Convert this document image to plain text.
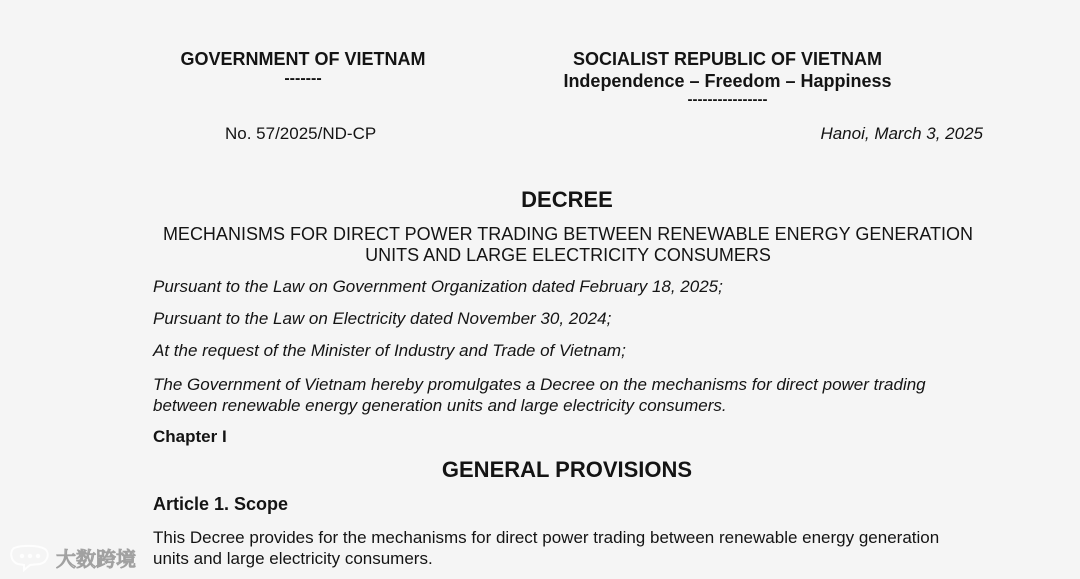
GOVERNMENT OF VIETNAM
-------
SOCIALIST REPUBLIC OF VIETNAM
Independence – Freedom – Happiness
----------------
No. 57/2025/ND-CP	Hanoi, March 3, 2025
DECREE
MECHANISMS FOR DIRECT POWER TRADING BETWEEN RENEWABLE ENERGY GENERATION UNITS AND LARGE ELECTRICITY CONSUMERS
Pursuant to the Law on Government Organization dated February 18, 2025;
Pursuant to the Law on Electricity dated November 30, 2024;
At the request of the Minister of Industry and Trade of Vietnam;
The Government of Vietnam hereby promulgates a Decree on the mechanisms for direct power trading between renewable energy generation units and large electricity consumers.
Chapter I
GENERAL PROVISIONS
Article 1. Scope
This Decree provides for the mechanisms for direct power trading between renewable energy generation units and large electricity consumers.
大数跨境
